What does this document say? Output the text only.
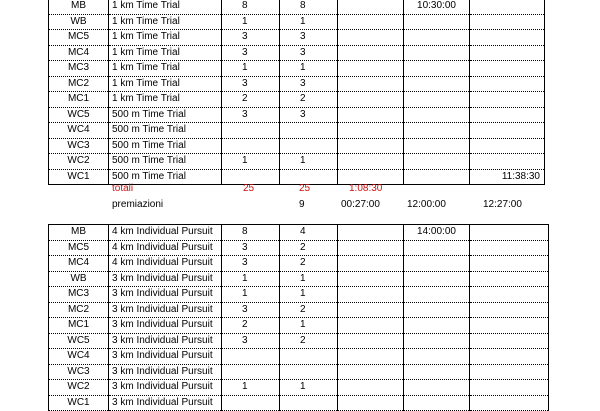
MB	1 km Time Trial	8	8		10:30:00	
WB	1 km Time Trial	1	1			
MC5	1 km Time Trial	3	3			
MC4	1 km Time Trial	3	3			
MC3	1 km Time Trial	1	1			
MC2	1 km Time Trial	3	3			
MC1	1 km Time Trial	2	2			
WC5	500 m Time Trial	3	3			
WC4	500 m Time Trial					
WC3	500 m Time Trial					
WC2	500 m Time Trial	1	1			
WC1	500 m Time Trial					11:38:30
	totali	25	25	1:08:30		
	premiazioni		9	00:27:00	12:00:00	12:27:00
MB	4 km Individual Pursuit	8	4		14:00:00	
MC5	4 km Individual Pursuit	3	2			
MC4	4 km Individual Pursuit	3	2			
WB	3 km Individual Pursuit	1	1			
MC3	3 km Individual Pursuit	1	1			
MC2	3 km Individual Pursuit	3	2			
MC1	3 km Individual Pursuit	2	1			
WC5	3 km Individual Pursuit	3	2			
WC4	3 km Individual Pursuit					
WC3	3 km Individual Pursuit					
WC2	3 km Individual Pursuit	1	1			
WC1	3 km Individual Pursuit					
